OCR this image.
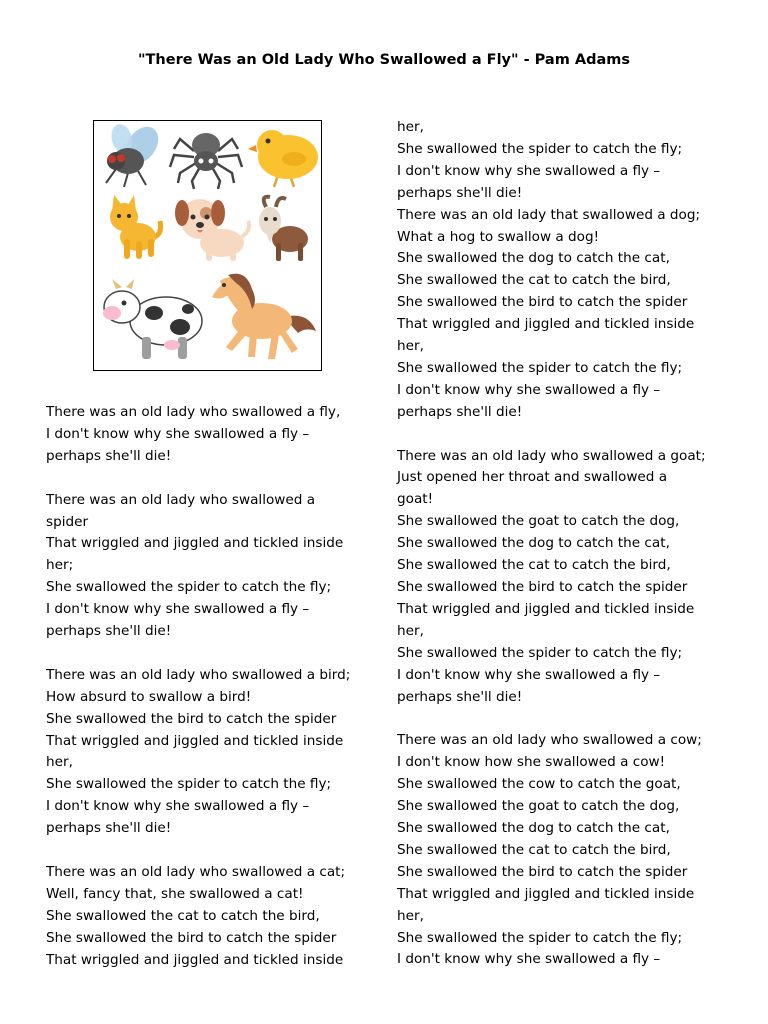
"There Was an Old Lady Who Swallowed a Fly" - Pam Adams
There was an old lady who swallowed a fly,
I don't know why she swallowed a fly –
perhaps she'll die!
There was an old lady who swallowed a
spider
That wriggled and jiggled and tickled inside
her;
She swallowed the spider to catch the fly;
I don't know why she swallowed a fly –
perhaps she'll die!
There was an old lady who swallowed a bird;
How absurd to swallow a bird!
She swallowed the bird to catch the spider
That wriggled and jiggled and tickled inside
her,
She swallowed the spider to catch the fly;
I don't know why she swallowed a fly –
perhaps she'll die!
There was an old lady who swallowed a cat;
Well, fancy that, she swallowed a cat!
She swallowed the cat to catch the bird,
She swallowed the bird to catch the spider
That wriggled and jiggled and tickled inside
her,
She swallowed the spider to catch the fly;
I don't know why she swallowed a fly –
perhaps she'll die!
There was an old lady that swallowed a dog;
What a hog to swallow a dog!
She swallowed the dog to catch the cat,
She swallowed the cat to catch the bird,
She swallowed the bird to catch the spider
That wriggled and jiggled and tickled inside
her,
She swallowed the spider to catch the fly;
I don't know why she swallowed a fly –
perhaps she'll die!
There was an old lady who swallowed a goat;
Just opened her throat and swallowed a
goat!
She swallowed the goat to catch the dog,
She swallowed the dog to catch the cat,
She swallowed the cat to catch the bird,
She swallowed the bird to catch the spider
That wriggled and jiggled and tickled inside
her,
She swallowed the spider to catch the fly;
I don't know why she swallowed a fly –
perhaps she'll die!
There was an old lady who swallowed a cow;
I don't know how she swallowed a cow!
She swallowed the cow to catch the goat,
She swallowed the goat to catch the dog,
She swallowed the dog to catch the cat,
She swallowed the cat to catch the bird,
She swallowed the bird to catch the spider
That wriggled and jiggled and tickled inside
her,
She swallowed the spider to catch the fly;
I don't know why she swallowed a fly –
